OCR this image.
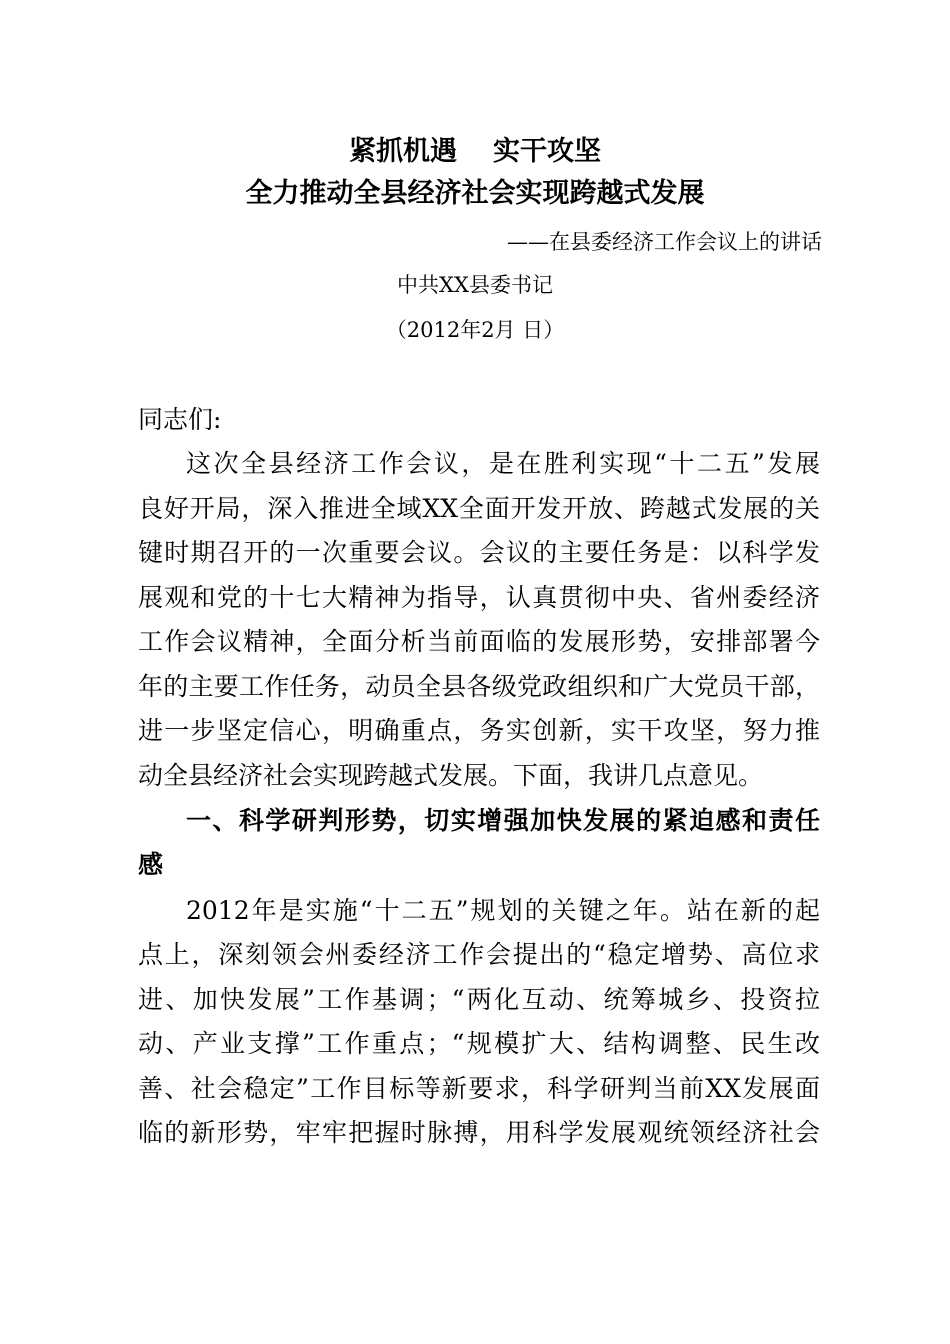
紧抓机遇 实干攻坚
全力推动全县经济社会实现跨越式发展
——在县委经济工作会议上的讲话
中共XX县委书记
（2012年2月 日）
同志们:
这次全县经济工作会议，是在胜利实现“十二五”发展
良好开局，深入推进全域XX全面开发开放、跨越式发展的关
键时期召开的一次重要会议。会议的主要任务是：以科学发
展观和党的十七大精神为指导，认真贯彻中央、省州委经济
工作会议精神，全面分析当前面临的发展形势，安排部署今
年的主要工作任务，动员全县各级党政组织和广大党员干部，
进一步坚定信心，明确重点，务实创新，实干攻坚，努力推
动全县经济社会实现跨越式发展。下面，我讲几点意见。
一、科学研判形势，切实增强加快发展的紧迫感和责任
感
2012年是实施“十二五”规划的关键之年。站在新的起
点上，深刻领会州委经济工作会提出的“稳定增势、高位求
进、加快发展”工作基调；“两化互动、统筹城乡、投资拉
动、产业支撑”工作重点；“规模扩大、结构调整、民生改
善、社会稳定”工作目标等新要求，科学研判当前XX发展面
临的新形势，牢牢把握时脉搏，用科学发展观统领经济社会
